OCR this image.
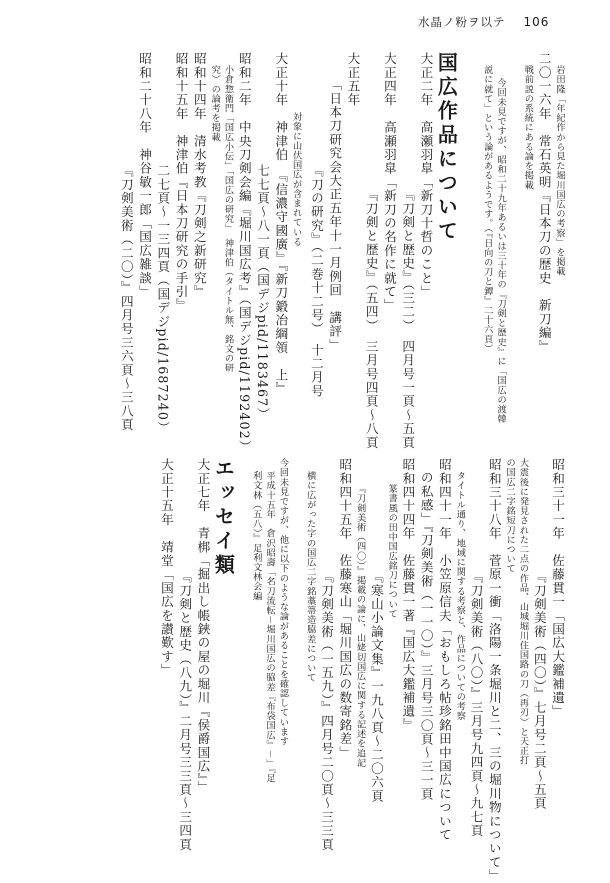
水晶ノ粉ヲ以テ 106
岩田隆「年紀作から見た堀川国広の考察」を掲載
二〇一六年　常石英明『日本刀の歴史　新刀編』
戦前説の系統にある論を掲載
今回未見ですが、昭和二十九年あるいは三十年の『刀剣と歴史』に「国広の渡韓
説に就て」という論があるようです。（『日向の刀と鐔』二十六頁）
国広作品について
大正二年　高瀬羽皐「新刀十哲のこと」
『刀剣と歴史』（三二）　四月号一頁～五頁
大正四年　高瀬羽皐「新刀の名作に就て」
『刀剣と歴史』（五四）　三月号四頁～八頁
大正五年
「日本刀研究会大正五年十一月例回　講評」
『刀の研究』（二巻十二号）　十二月号
対象に山伏国広が含まれている
大正十年　神津伯　『信濃守國廣』『新刀鍛冶綱領　上』
七七頁～八一頁（国デジpid/1183467）
昭和二年　中央刀剣会編『堀川国広考』（国デジpid/1192402）
小倉惣衛門「国広小伝」「国広の研究」　神津伯（タイトル無、銘文の研
究）の論考を掲載
昭和十四年　清水考教『刀剣之新研究』
昭和十五年　神津伯『日本刀研究の手引』
二七頁～一三四頁（国デジpid/1687240）
昭和二十八年　神谷敏一郎「国広雑談」
『刀剣美術（二〇）』四月号三六頁～三八頁
昭和三十一年　佐藤貫一「国広大鑑補遺」
『刀剣美術（四〇）』七月号二頁～五頁
大震後に発見された二点の作品、山城堀川住国路の刀（再刃）と天正打
の国広二字銘短刀について
昭和三十八年　菅原一衝「洛陽一条堀川と二、三の堀川物について」
『刀剣美術（八〇）』三月号九四頁～九七頁
タイトル通り、地域に関する考察と、作品についての考察
昭和四十一年　小笠原信夫「おもしろ帖珍銘田中国広について
の私感」『刀剣美術（一一〇）』三月号三〇頁～三一頁
昭和四十四年　佐藤貫一著『国広大鑑補遺』
篆書風の田中国広銘刀について
『寒山小論文集』一九八頁～二〇六頁
『刀剣美術（四〇）』掲載の論に、山姥切国広に関する記述を追記
昭和四十五年　佐藤寒山「堀川国広の数寄銘差」
『刀剣美術（一五九）』四月号二〇頁～三三頁
横に広がった字の国広二字銘藁箒造脇差について
今回未見ですが、他に以下のような論があることを確認しています
平成十五年　倉沢昭壽「名刀流転－堀川国広の脇差『布袋国広』－」『足
利文林（五八）』足利文林会編
エッセイ類
大正七年　青梆「掘出し帳鋏の屋の堀川『侯爵国広』」
『刀剣と歴史（八九）』二月号三三頁～三四頁
大正十五年　靖堂「国広を讃歎す」
